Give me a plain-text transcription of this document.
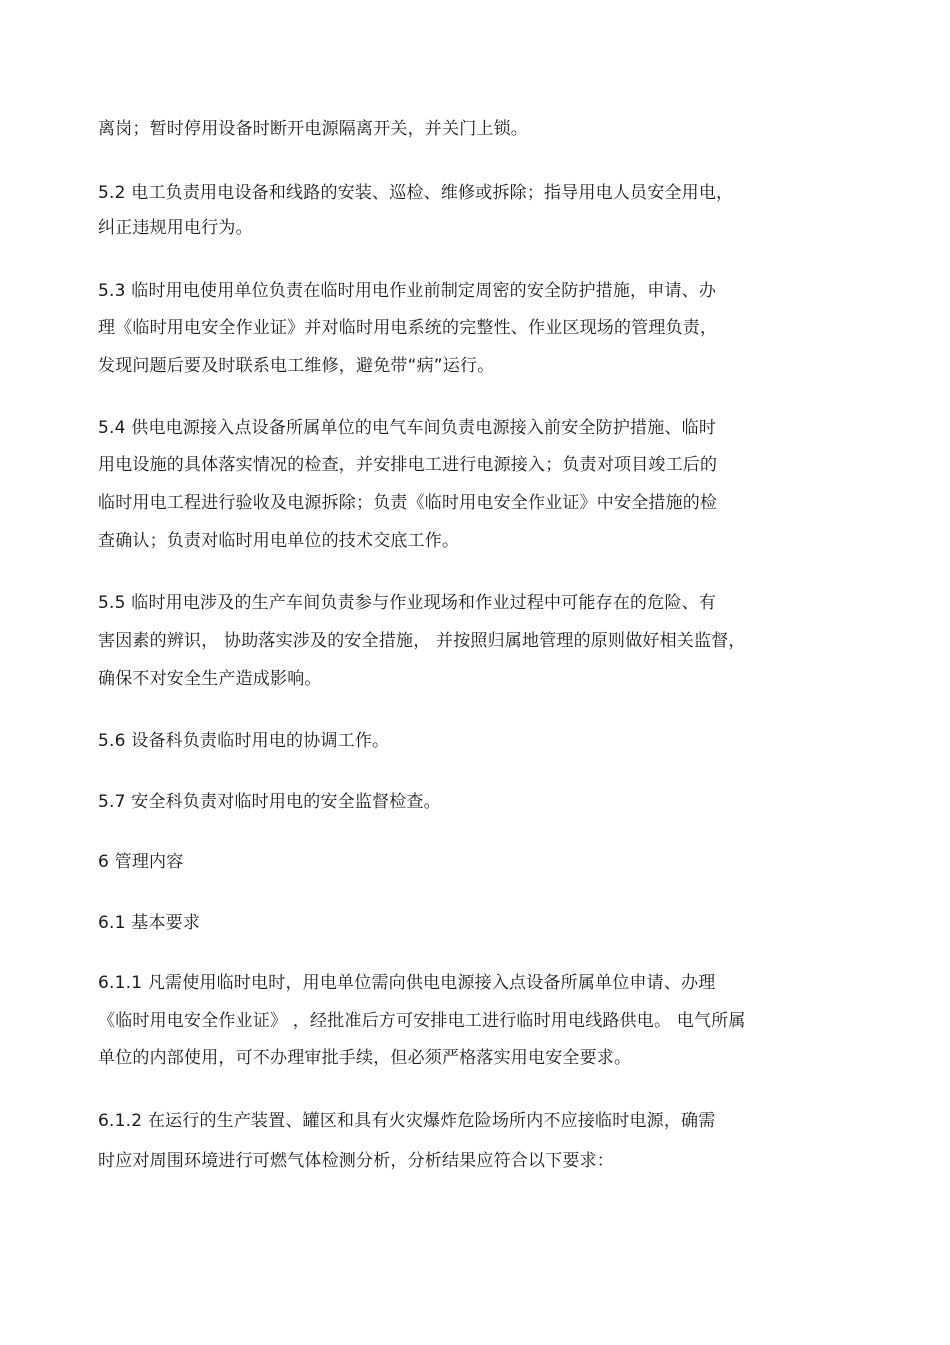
离岗；暂时停用设备时断开电源隔离开关，并关门上锁。
5.2 电工负责用电设备和线路的安装、巡检、维修或拆除；指导用电人员安全用电，
纠正违规用电行为。
5.3 临时用电使用单位负责在临时用电作业前制定周密的安全防护措施，申请、办
理《临时用电安全作业证》并对临时用电系统的完整性、作业区现场的管理负责，
发现问题后要及时联系电工维修，避免带“病”运行。
5.4 供电电源接入点设备所属单位的电气车间负责电源接入前安全防护措施、临时
用电设施的具体落实情况的检查，并安排电工进行电源接入；负责对项目竣工后的
临时用电工程进行验收及电源拆除；负责《临时用电安全作业证》中安全措施的检
查确认；负责对临时用电单位的技术交底工作。
5.5 临时用电涉及的生产车间负责参与作业现场和作业过程中可能存在的危险、有
害因素的辨识， 协助落实涉及的安全措施， 并按照归属地管理的原则做好相关监督，
确保不对安全生产造成影响。
5.6 设备科负责临时用电的协调工作。
5.7 安全科负责对临时用电的安全监督检查。
6 管理内容
6.1 基本要求
6.1.1 凡需使用临时电时，用电单位需向供电电源接入点设备所属单位申请、办理
《临时用电安全作业证》 ，经批准后方可安排电工进行临时用电线路供电。 电气所属
单位的内部使用，可不办理审批手续，但必须严格落实用电安全要求。
6.1.2 在运行的生产装置、罐区和具有火灾爆炸危险场所内不应接临时电源，确需
时应对周围环境进行可燃气体检测分析，分析结果应符合以下要求：
